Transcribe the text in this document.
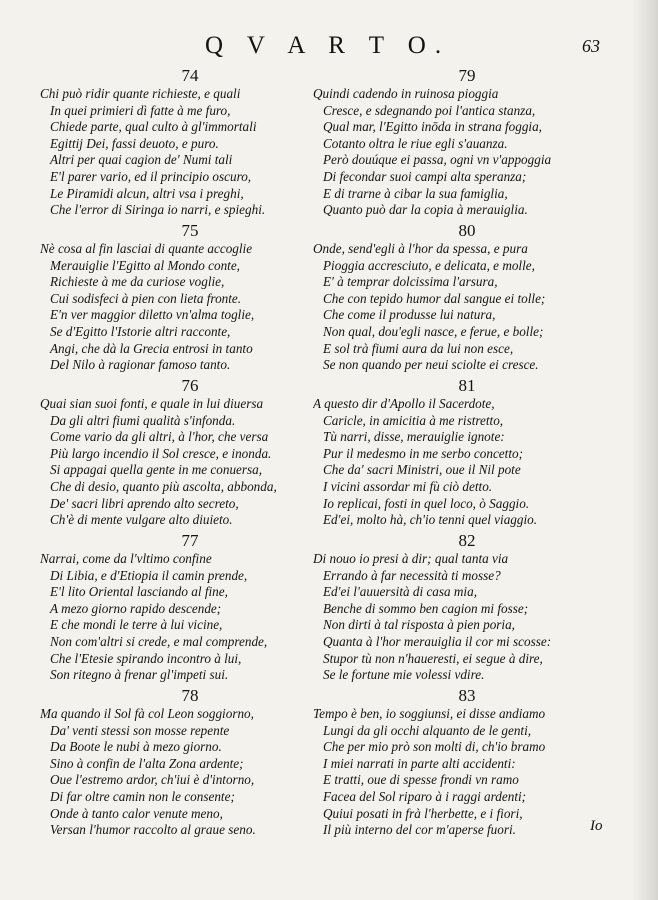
Q V A R T O.	63
74
Chi può ridir quante richieste, e quali
In quei primieri dì fatte à me furo,
Chiede parte, qual culto à gl'immortali
Egittij Dei, fassi deuoto, e puro.
Altri per quai cagion de' Numi tali
E'l parer vario, ed il principio oscuro,
Le Piramidi alcun, altri vsa i preghi,
Che l'error di Siringa io narri, e spieghi.
75
Nè cosa al fin lasciai di quante accoglie
Merauiglie l'Egitto al Mondo conte,
Richieste à me da curiose voglie,
Cui sodisfeci à pien con lieta fronte.
E'n ver maggior diletto vn'alma toglie,
Se d'Egitto l'Istorie altri racconte,
Angi, che dà la Grecia entrosi in tanto
Del Nilo à ragionar famoso tanto.
76
Quai sian suoi fonti, e quale in lui diuersa
Da gli altri fiumi qualità s'infonda.
Come vario da gli altri, à l'hor, che versa
Più largo incendio il Sol cresce, e inonda.
Si appagai quella gente in me conuersa,
Che di desio, quanto più ascolta, abbonda,
De' sacri libri aprendo alto secreto,
Ch'è di mente vulgare alto diuieto.
77
Narrai, come da l'vltimo confine
Di Libia, e d'Etiopia il camin prende,
E'l lito Oriental lasciando al fine,
A mezo giorno rapido descende;
E che mondi le terre à lui vicine,
Non com'altri si crede, e mal comprende,
Che l'Etesie spirando incontro à lui,
Son ritegno à frenar gl'impeti sui.
78
Ma quando il Sol fà col Leon soggiorno,
Da' venti stessi son mosse repente
Da Boote le nubi à mezo giorno.
Sino à confin de l'alta Zona ardente;
Oue l'estremo ardor, ch'iui è d'intorno,
Di far oltre camin non le consente;
Onde à tanto calor venute meno,
Versan l'humor raccolto al graue seno.
79
Quindi cadendo in ruinosa pioggia
Cresce, e sdegnando poi l'antica stanza,
Qual mar, l'Egitto inōda in strana foggia,
Cotanto oltra le riue egli s'auanza.
Però douúque ei passa, ogni vn v'appoggia
Di fecondar suoi campi alta speranza;
E di trarne à cibar la sua famiglia,
Quanto può dar la copia à merauiglia.
80
Onde, send'egli à l'hor da spessa, e pura
Pioggia accresciuto, e delicata, e molle,
E' à temprar dolcissima l'arsura,
Che con tepido humor dal sangue ei tolle;
Che come il produsse lui natura,
Non qual, dou'egli nasce, e ferue, e bolle;
E sol trà fiumi aura da lui non esce,
Se non quando per neui sciolte ei cresce.
81
A questo dir d'Apollo il Sacerdote,
Caricle, in amicitia à me ristretto,
Tù narri, disse, merauiglie ignote:
Pur il medesmo in me serbo concetto;
Che da' sacri Ministri, oue il Nil pote
I vicini assordar mi fù ciò detto.
Io replicai, fosti in quel loco, ò Saggio.
Ed'ei, molto hà, ch'io tenni quel viaggio.
82
Di nouo io presi à dir; qual tanta via
Errando à far necessità ti mosse?
Ed'ei l'auuersità di casa mia,
Benche di sommo ben cagion mi fosse;
Non dirti à tal risposta à pien poria,
Quanta à l'hor merauiglia il cor mi scosse:
Stupor tù non n'haueresti, ei segue à dire,
Se le fortune mie volessi vdire.
83
Tempo è ben, io soggiunsi, ei disse andiamo
Lungi da gli occhi alquanto de le genti,
Che per mio prò son molti di, ch'io bramo
I miei narrati in parte alti accidenti:
E tratti, oue di spesse frondi vn ramo
Facea del Sol riparo à i raggi ardenti;
Quiui posati in frà l'herbette, e i fiori,
Il più interno del cor m'aperse fuori.	Io
